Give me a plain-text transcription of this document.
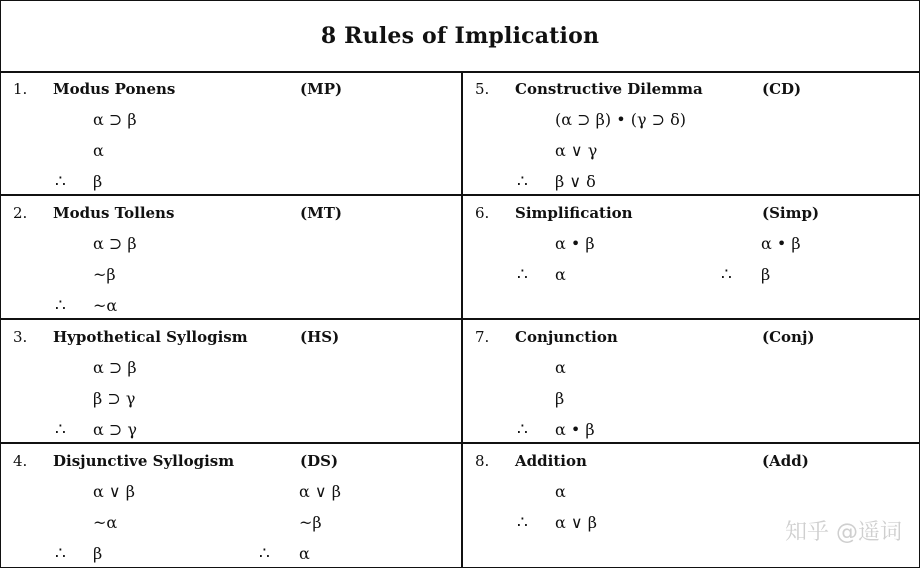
8 Rules of Implication
1. Modus Ponens	(MP)
α ⊃ β
α
∴ β
2. Modus Tollens	(MT)
α ⊃ β
~β
∴ ~α
3. Hypothetical Syllogism	(HS)
α ⊃ β
β ⊃ γ
∴ α ⊃ γ
4. Disjunctive Syllogism	(DS)
α ∨ β
~α
∴ β
α ∨ β
~β
∴ α
5. Constructive Dilemma	(CD)
(α ⊃ β) • (γ ⊃ δ)
α ∨ γ
∴ β ∨ δ
6. Simplification	(Simp)
α • β
∴ α
α • β
∴ β
7. Conjunction	(Conj)
α
β
∴ α • β
8. Addition	(Add)
α
∴ α ∨ β	知乎 @遥词
